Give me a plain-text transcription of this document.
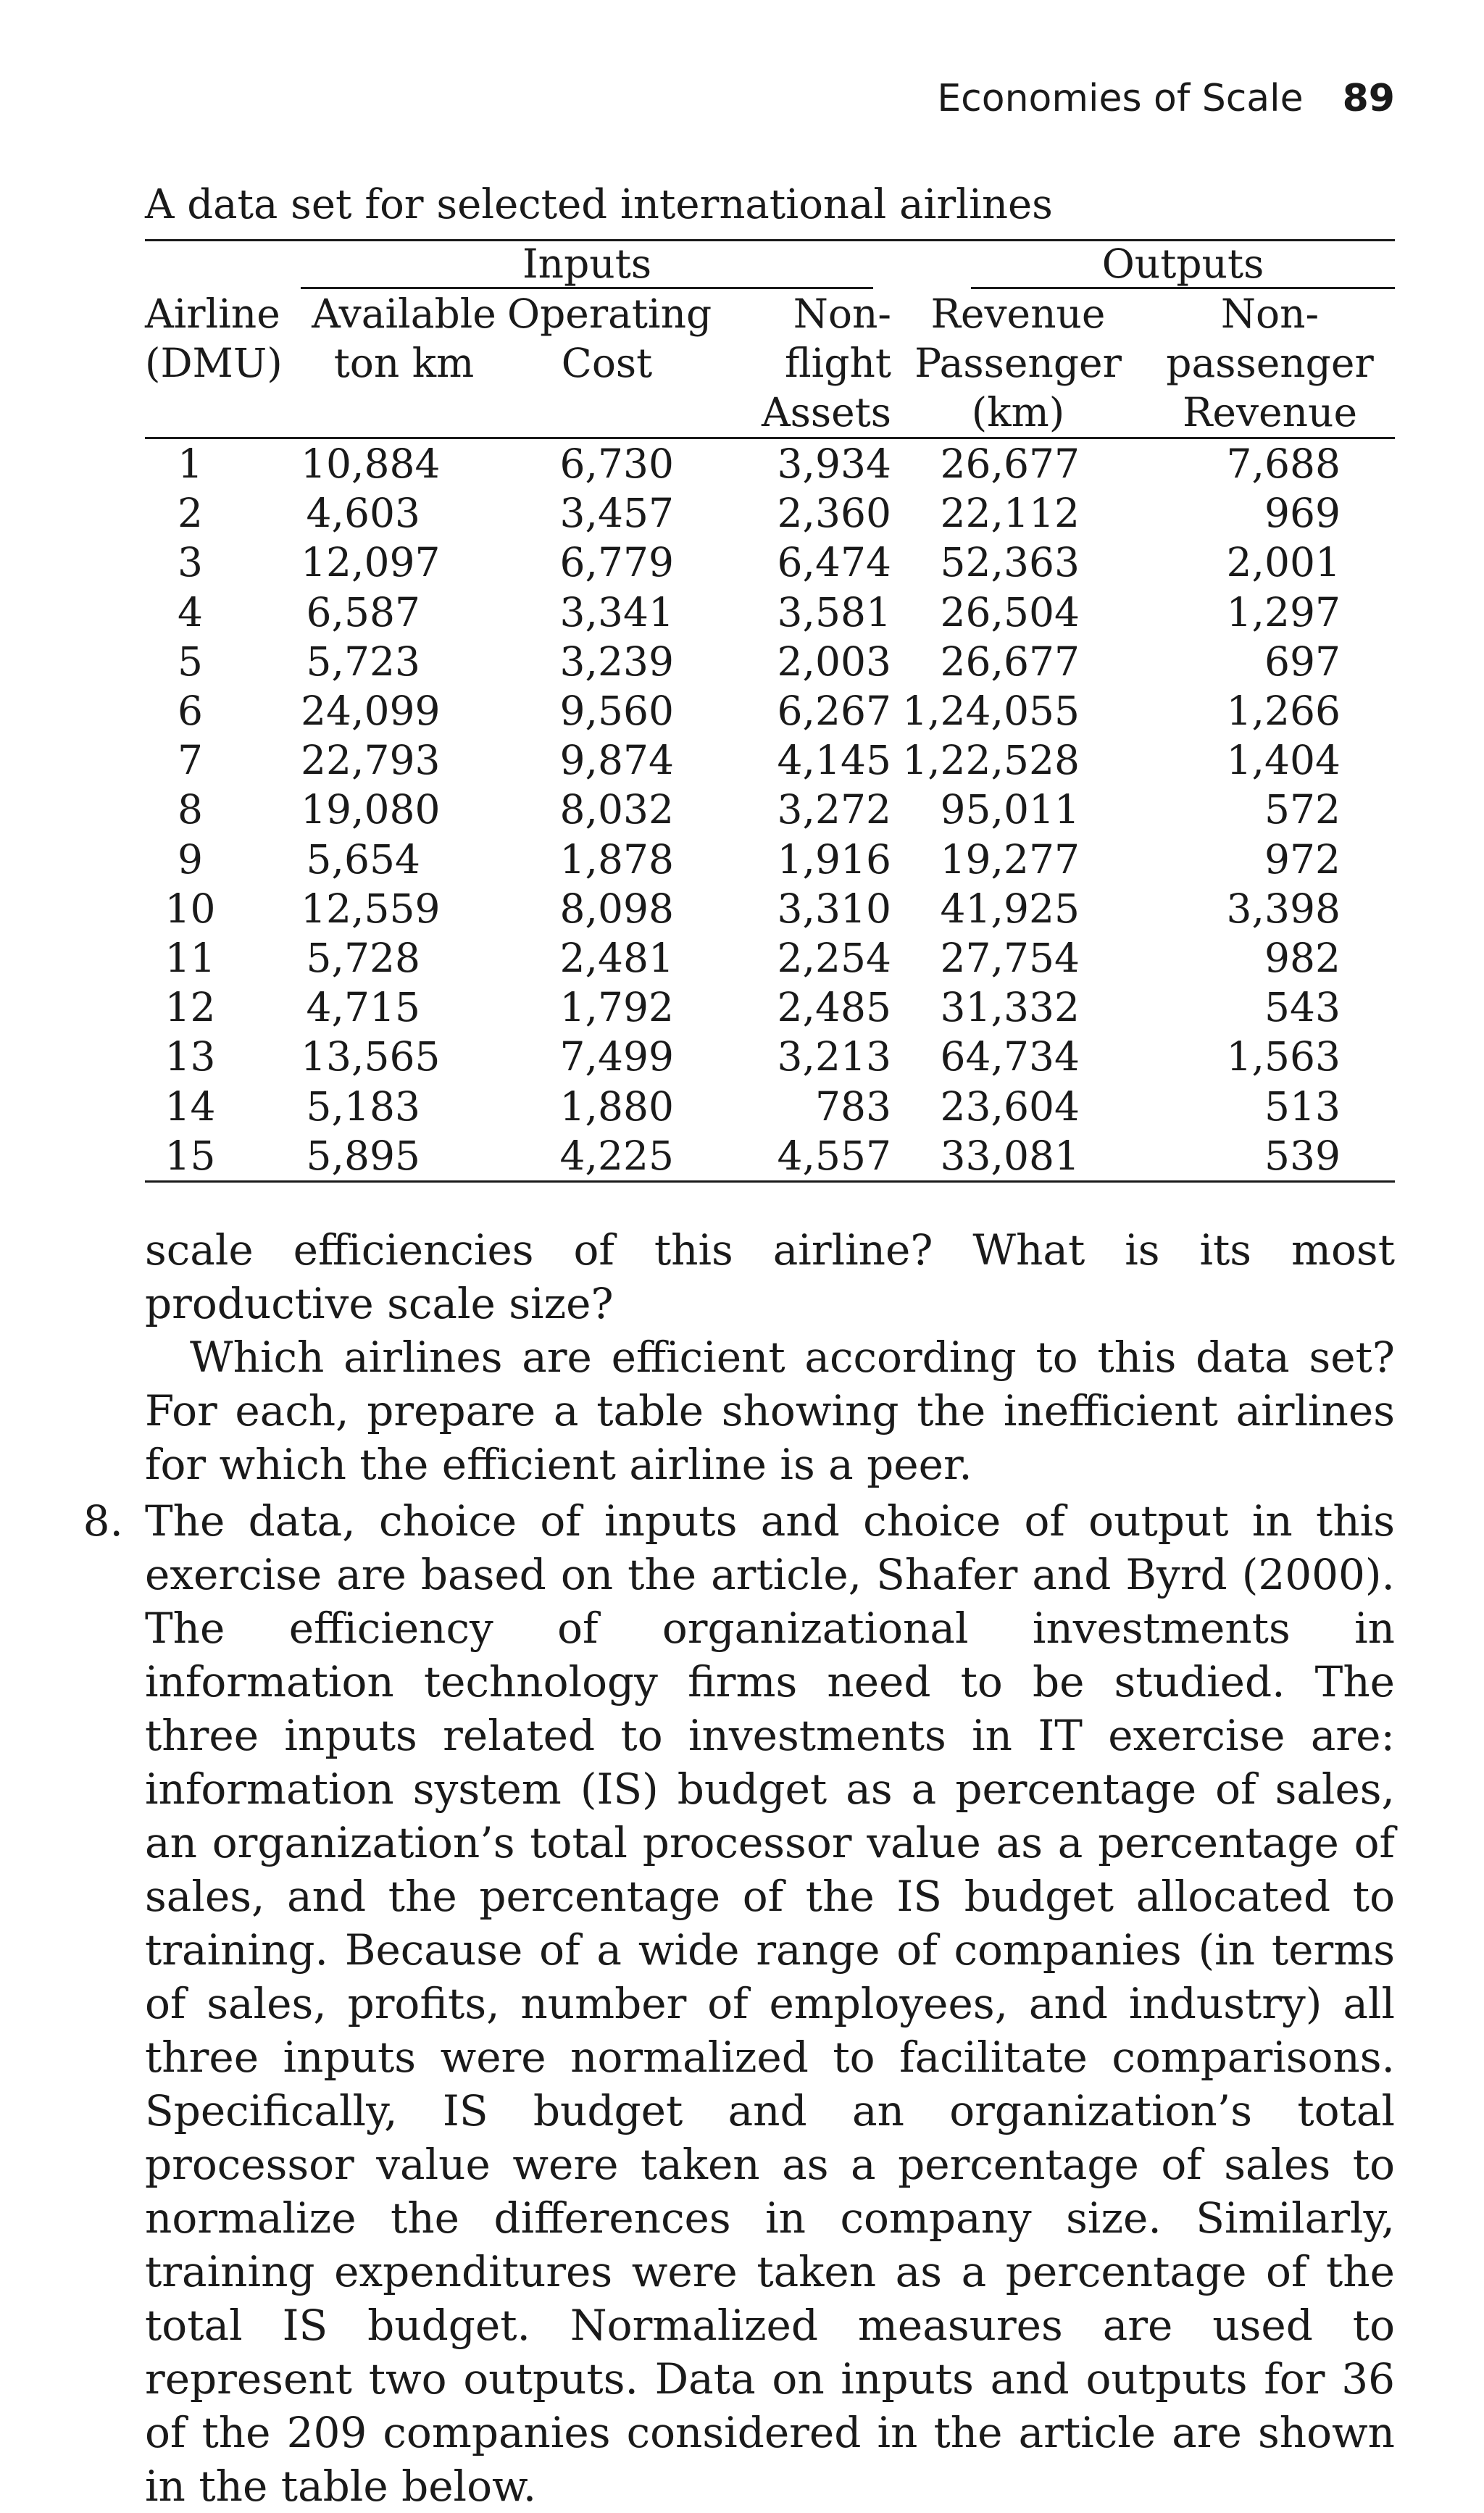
Economies of Scale 89
A data set for selected international airlines

	Inputs			Outputs	

Airline	Available	Operating	Non-	Revenue	Non-
(DMU)	ton km	Cost	flight	Passenger	passenger
			Assets	(km)	Revenue
1	10,884	6,730	3,934	26,677	7,688
2	4,603	3,457	2,360	22,112	969
3	12,097	6,779	6,474	52,363	2,001
4	6,587	3,341	3,581	26,504	1,297
5	5,723	3,239	2,003	26,677	697
6	24,099	9,560	6,267	1,24,055	1,266
7	22,793	9,874	4,145	1,22,528	1,404
8	19,080	8,032	3,272	95,011	572
9	5,654	1,878	1,916	19,277	972
10	12,559	8,098	3,310	41,925	3,398
11	5,728	2,481	2,254	27,754	982
12	4,715	1,792	2,485	31,332	543
13	13,565	7,499	3,213	64,734	1,563
14	5,183	1,880	783	23,604	513
15	5,895	4,225	4,557	33,081	539
scale efficiencies of this airline? What is its most productive scale size?
Which airlines are efficient according to this data set? For each, prepare a table showing the inefficient airlines for which the efficient airline is a peer.
8. The data, choice of inputs and choice of output in this exercise are based on the article, Shafer and Byrd (2000). The efficiency of organizational investments in information technology firms need to be studied. The three inputs related to investments in IT exercise are: information system (IS) budget as a percentage of sales, an organization’s total processor value as a percentage of sales, and the percentage of the IS budget allocated to training. Because of a wide range of companies (in terms of sales, profits, number of employees, and industry) all three inputs were normalized to facilitate comparisons. Specifically, IS budget and an organization’s total processor value were taken as a percentage of sales to normalize the differences in company size. Similarly, training expenditures were taken as a percentage of the total IS budget. Normalized measures are used to represent two outputs. Data on inputs and outputs for 36 of the 209 companies considered in the article are shown in the table below.
